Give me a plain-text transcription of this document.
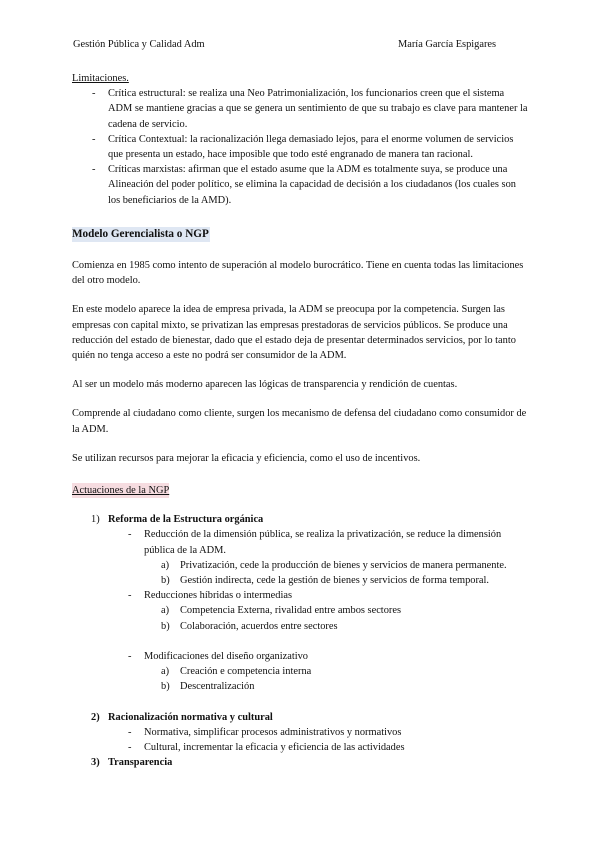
Gestión Pública y Calidad Adm	María García Espigares
Limitaciones.
- Crítica estructural: se realiza una Neo Patrimonialización, los funcionarios creen que el sistema ADM se mantiene gracias a que se genera un sentimiento de que su trabajo es clave para mantener la cadena de servicio.
- Crítica Contextual: la racionalización llega demasiado lejos, para el enorme volumen de servicios que presenta un estado, hace imposible que todo esté engranado de manera tan racional.
- Críticas marxistas: afirman que el estado asume que la ADM es totalmente suya, se produce una Alineación del poder político, se elimina la capacidad de decisión a los ciudadanos (los cuales son los beneficiarios de la AMD).
Modelo Gerencialista o NGP

Comienza en 1985 como intento de superación al modelo burocrático. Tiene en cuenta todas las limitaciones del otro modelo.

En este modelo aparece la idea de empresa privada, la ADM se preocupa por la competencia. Surgen las empresas con capital mixto, se privatizan las empresas prestadoras de servicios públicos. Se produce una reducción del estado de bienestar, dado que el estado deja de presentar determinados servicios, por lo tanto quién no tenga acceso a este no podrá ser consumidor de la ADM.

Al ser un modelo más moderno aparecen las lógicas de transparencia y rendición de cuentas.

Comprende al ciudadano como cliente, surgen los mecanismo de defensa del ciudadano como consumidor de la ADM.

Se utilizan recursos para mejorar la eficacia y eficiencia, como el uso de incentivos.

Actuaciones de la NGP
1) Reforma de la Estructura orgánica
- Reducción de la dimensión pública, se realiza la privatización, se reduce la dimensión pública de la ADM.
a) Privatización, cede la producción de bienes y servicios de manera permanente.
b) Gestión indirecta, cede la gestión de bienes y servicios de forma temporal.
- Reducciones híbridas o intermedias
a) Competencia Externa, rivalidad entre ambos sectores
b) Colaboración, acuerdos entre sectores
- Modificaciones del diseño organizativo
a) Creación e competencia interna
b) Descentralización
2) Racionalización normativa y cultural
- Normativa, simplificar procesos administrativos y normativos
- Cultural, incrementar la eficacia y eficiencia de las actividades
3) Transparencia
